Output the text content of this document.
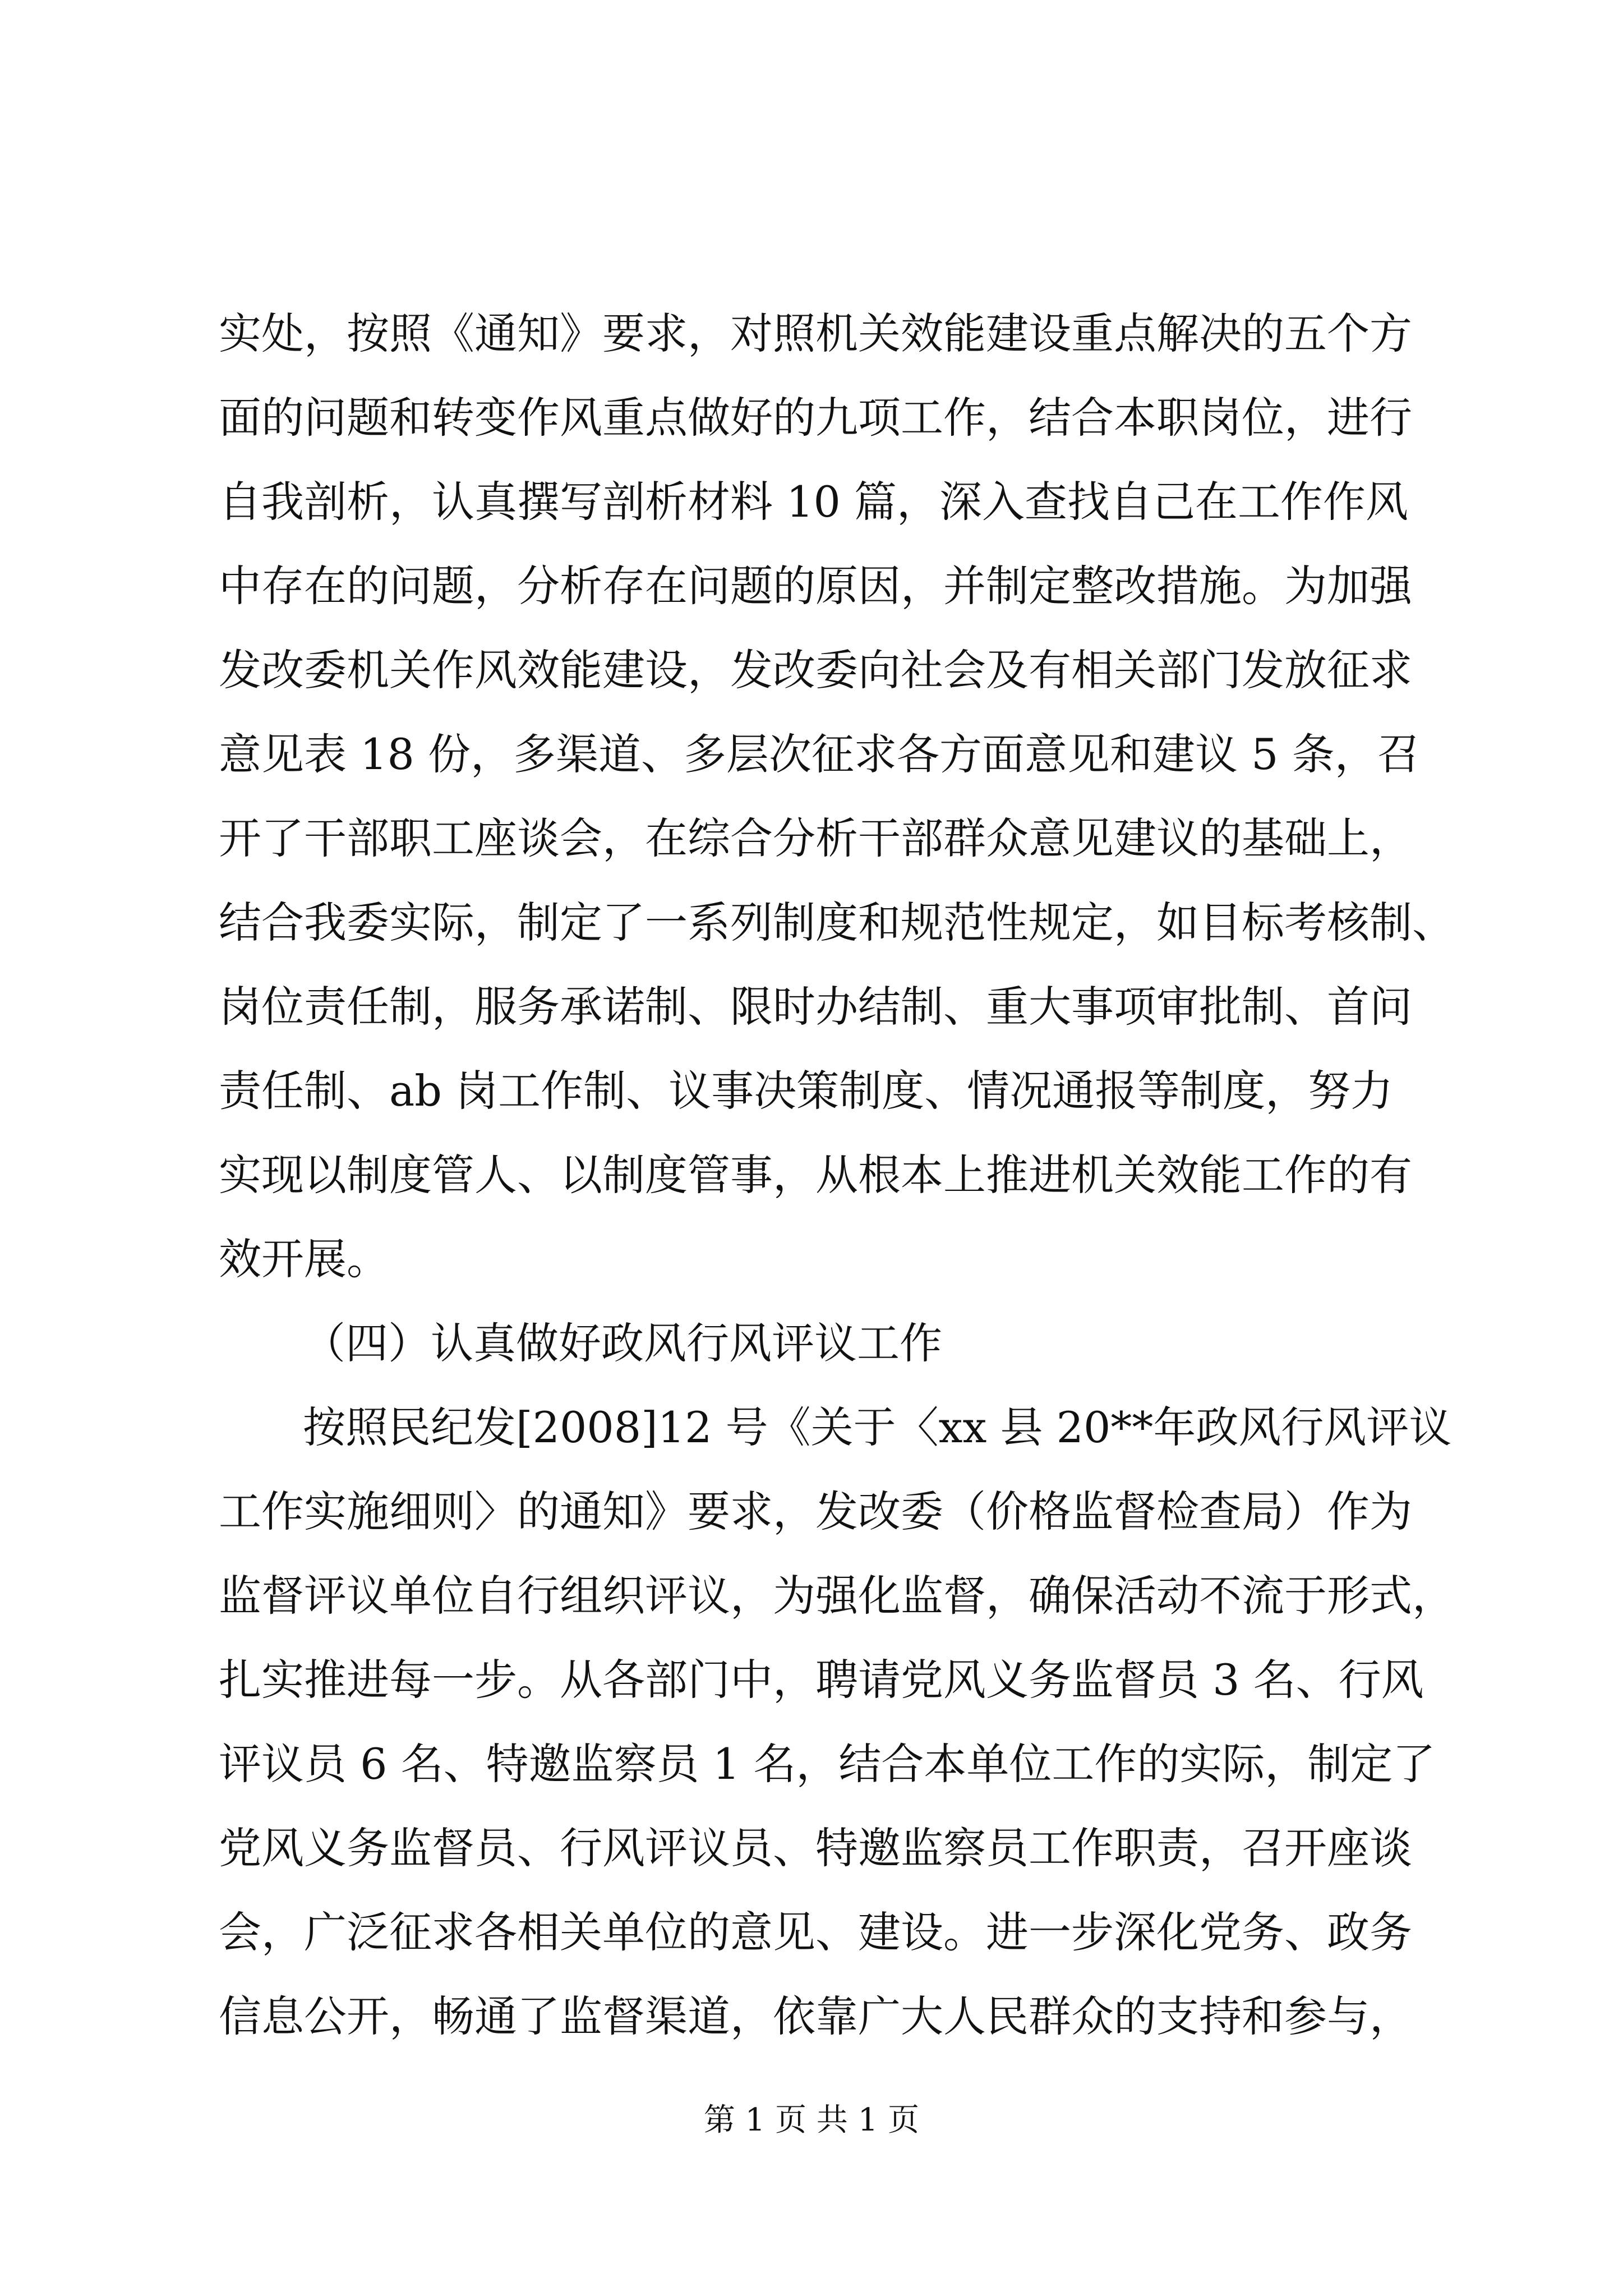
实处，按照《通知》要求，对照机关效能建设重点解决的五个方
面的问题和转变作风重点做好的九项工作，结合本职岗位，进行
自我剖析，认真撰写剖析材料 10 篇，深入查找自己在工作作风
中存在的问题，分析存在问题的原因，并制定整改措施。为加强
发改委机关作风效能建设，发改委向社会及有相关部门发放征求
意见表 18 份，多渠道、多层次征求各方面意见和建议 5 条，召
开了干部职工座谈会，在综合分析干部群众意见建议的基础上，
结合我委实际，制定了一系列制度和规范性规定，如目标考核制、
岗位责任制，服务承诺制、限时办结制、重大事项审批制、首问
责任制、ab 岗工作制、议事决策制度、情况通报等制度，努力
实现以制度管人、以制度管事，从根本上推进机关效能工作的有
效开展。
（四）认真做好政风行风评议工作
按照民纪发[2008]12 号《关于〈xx 县 20**年政风行风评议
工作实施细则〉的通知》要求，发改委（价格监督检查局）作为
监督评议单位自行组织评议，为强化监督，确保活动不流于形式，
扎实推进每一步。从各部门中，聘请党风义务监督员 3 名、行风
评议员 6 名、特邀监察员 1 名，结合本单位工作的实际，制定了
党风义务监督员、行风评议员、特邀监察员工作职责，召开座谈
会，广泛征求各相关单位的意见、建设。进一步深化党务、政务
信息公开，畅通了监督渠道，依靠广大人民群众的支持和参与，
第 1 页 共 1 页
